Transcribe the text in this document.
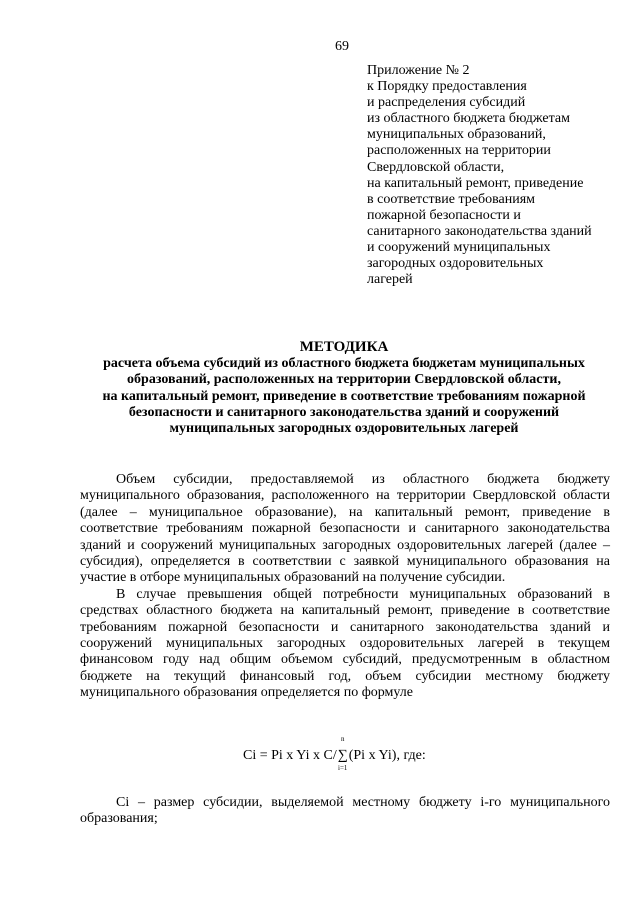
69
Приложение № 2
к Порядку предоставления
и распределения субсидий
из областного бюджета бюджетам
муниципальных образований,
расположенных на территории
Свердловской области,
на капитальный ремонт, приведение
в соответствие требованиям
пожарной безопасности и
санитарного законодательства зданий
и сооружений муниципальных
загородных оздоровительных
лагерей
МЕТОДИКА
расчета объема субсидий из областного бюджета бюджетам муниципальных
образований, расположенных на территории Свердловской области,
на капитальный ремонт, приведение в соответствие требованиям пожарной
безопасности и санитарного законодательства зданий и сооружений
муниципальных загородных оздоровительных лагерей

Объем субсидии, предоставляемой из областного бюджета бюджету муниципального образования, расположенного на территории Свердловской области (далее – муниципальное образование), на капитальный ремонт, приведение в соответствие требованиям пожарной безопасности и санитарного законодательства зданий и сооружений муниципальных загородных оздоровительных лагерей (далее – субсидия), определяется в соответствии с заявкой муниципального образования на участие в отборе муниципальных образований на получение субсидии.

В случае превышения общей потребности муниципальных образований в средствах областного бюджета на капитальный ремонт, приведение в соответствие требованиям пожарной безопасности и санитарного законодательства зданий и сооружений муниципальных загородных оздоровительных лагерей в текущем финансовом году над общим объемом субсидий, предусмотренным в областном бюджете на текущий финансовый год, объем субсидии местному бюджету муниципального образования определяется по формуле

Ci = Pi x Yi x C/
n
∑
i=1
(Pi x Yi), где:

Ci – размер субсидии, выделяемой местному бюджету i-го муниципального образования;
